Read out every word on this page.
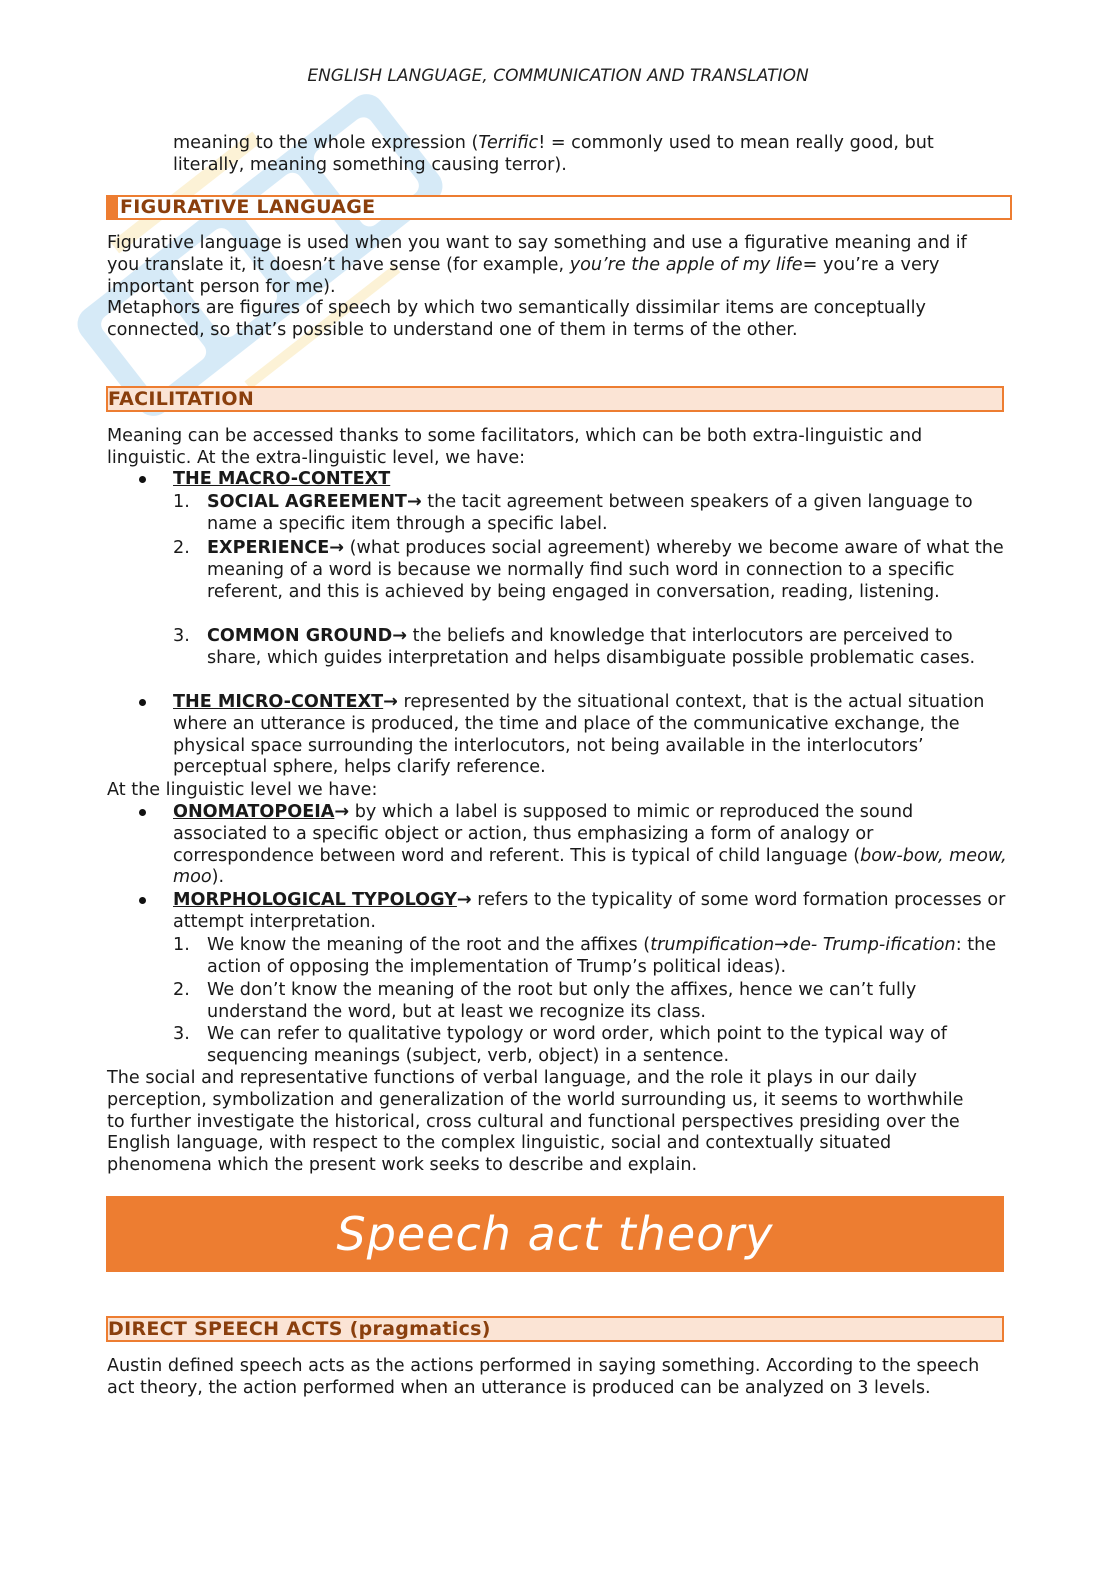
ENGLISH LANGUAGE, COMMUNICATION AND TRANSLATION

meaning to the whole expression (Terrific! = commonly used to mean really good, but literally, meaning something causing terror).

FIGURATIVE LANGUAGE

Figurative language is used when you want to say something and use a figurative meaning and if you translate it, it doesn’t have sense (for example, you’re the apple of my life= you’re a very important person for me).

Metaphors are figures of speech by which two semantically dissimilar items are conceptually connected, so that’s possible to understand one of them in terms of the other.

FACILITATION

Meaning can be accessed thanks to some facilitators, which can be both extra-linguistic and linguistic. At the extra-linguistic level, we have:

THE MACRO-CONTEXT

1. SOCIAL AGREEMENT→ the tacit agreement between speakers of a given language to name a specific item through a specific label.

2. EXPERIENCE→ (what produces social agreement) whereby we become aware of what the meaning of a word is because we normally find such word in connection to a specific referent, and this is achieved by being engaged in conversation, reading, listening.

3. COMMON GROUND→ the beliefs and knowledge that interlocutors are perceived to share, which guides interpretation and helps disambiguate possible problematic cases.

THE MICRO-CONTEXT→ represented by the situational context, that is the actual situation where an utterance is produced, the time and place of the communicative exchange, the physical space surrounding the interlocutors, not being available in the interlocutors’ perceptual sphere, helps clarify reference.

At the linguistic level we have:

ONOMATOPOEIA→ by which a label is supposed to mimic or reproduced the sound associated to a specific object or action, thus emphasizing a form of analogy or correspondence between word and referent. This is typical of child language (bow-bow, meow, moo).

MORPHOLOGICAL TYPOLOGY→ refers to the typicality of some word formation processes or attempt interpretation.

1. We know the meaning of the root and the affixes (trumpification→de- Trump-ification: the action of opposing the implementation of Trump’s political ideas).

2. We don’t know the meaning of the root but only the affixes, hence we can’t fully understand the word, but at least we recognize its class.

3. We can refer to qualitative typology or word order, which point to the typical way of sequencing meanings (subject, verb, object) in a sentence.

The social and representative functions of verbal language, and the role it plays in our daily perception, symbolization and generalization of the world surrounding us, it seems to worthwhile to further investigate the historical, cross cultural and functional perspectives presiding over the English language, with respect to the complex linguistic, social and contextually situated phenomena which the present work seeks to describe and explain.

Speech act theory
DIRECT SPEECH ACTS (pragmatics)

Austin defined speech acts as the actions performed in saying something. According to the speech act theory, the action performed when an utterance is produced can be analyzed on 3 levels.
